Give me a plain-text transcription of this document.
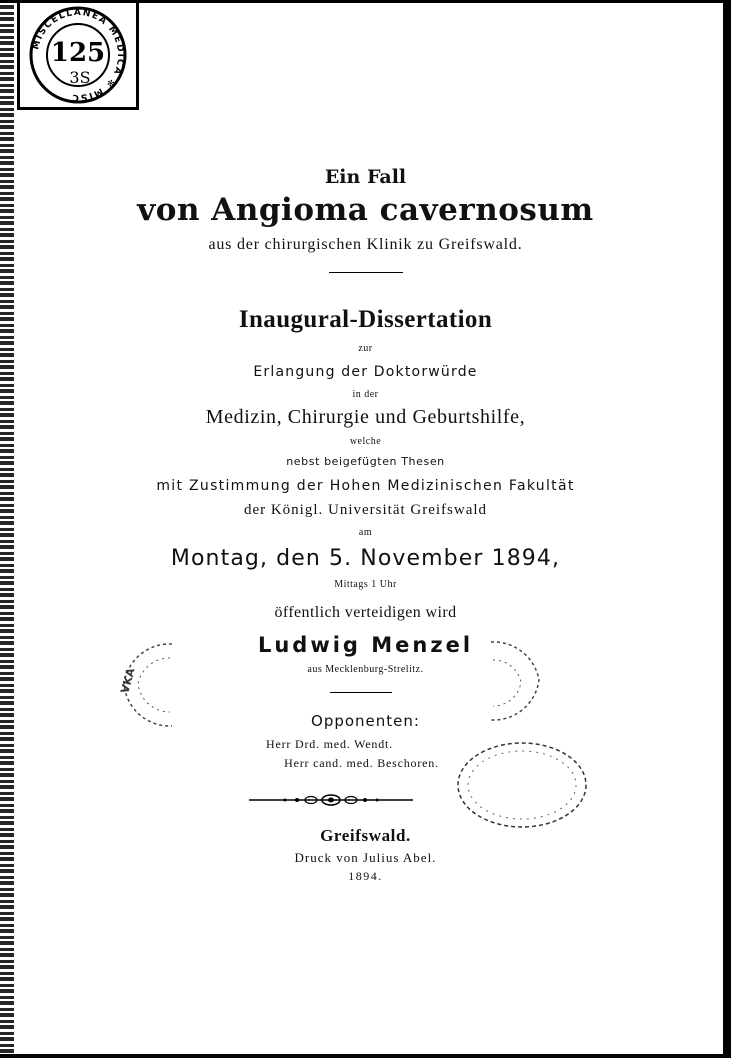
MISCELLANEA MEDICA ✻ MISC
125
3S
Ein Fall
von Angioma cavernosum
aus der chirurgischen Klinik zu Greifswald.
Inaugural-Dissertation
zur
Erlangung der Doktorwürde
in der
Medizin, Chirurgie und Geburtshilfe,
welche
nebst beigefügten Thesen
mit Zustimmung der Hohen Medizinischen Fakultät
der Königl. Universität Greifswald
am
Montag, den 5. November 1894,
Mittags 1 Uhr
öffentlich verteidigen wird
Ludwig Menzel
aus Mecklenburg-Strelitz.
Opponenten:
Herr Drd. med. Wendt.
Herr cand. med. Beschoren.
Greifswald.
Druck von Julius Abel.
1894.
VKA
